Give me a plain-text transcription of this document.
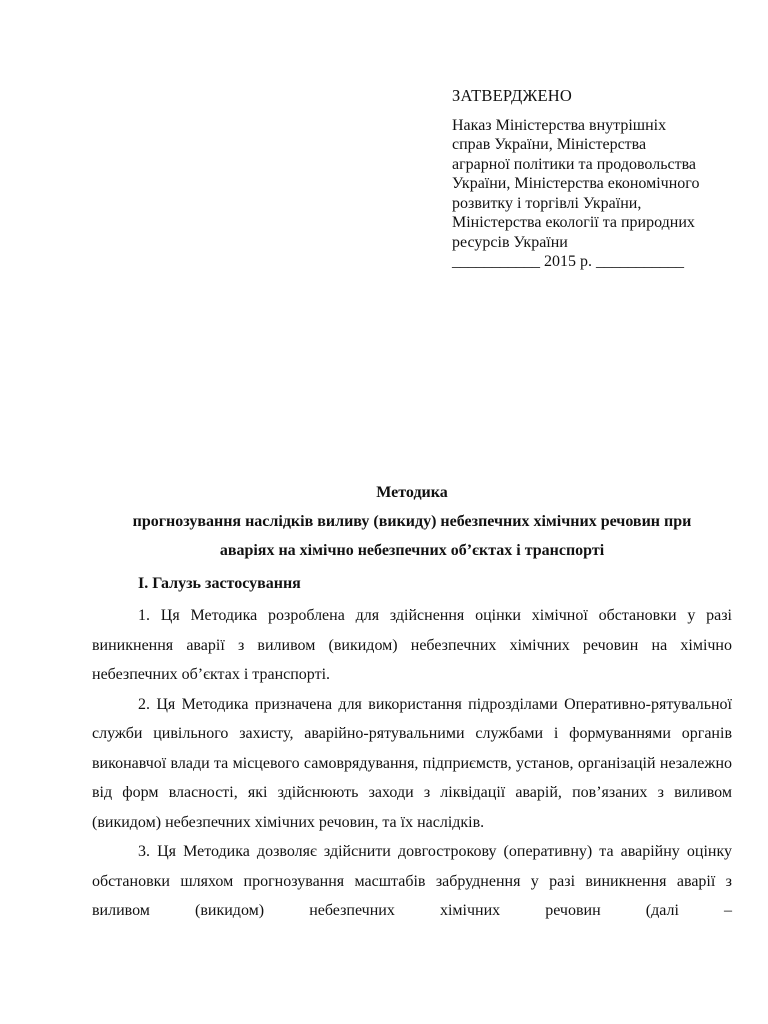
ЗАТВЕРДЖЕНО
Наказ Міністерства внутрішніх
справ України, Міністерства
аграрної політики та продовольства
України, Міністерства економічного
розвитку і торгівлі України,
Міністерства екології та природних
ресурсів України
___________ 2015 р. ___________
Методика
прогнозування наслідків виливу (викиду) небезпечних хімічних речовин при
аваріях на хімічно небезпечних об’єктах і транспорті
І. Галузь застосування

1. Ця Методика розроблена для здійснення оцінки хімічної обстановки у разі виникнення аварії з виливом (викидом) небезпечних хімічних речовин на хімічно небезпечних об’єктах і транспорті.

2. Ця Методика призначена для використання підрозділами Оперативно-рятувальної служби цивільного захисту, аварійно-рятувальними службами і формуваннями органів виконавчої влади та місцевого самоврядування, підприємств, установ, організацій незалежно від форм власності, які здійснюють заходи з ліквідації аварій, пов’язаних з виливом (викидом) небезпечних хімічних речовин, та їх наслідків.

3. Ця Методика дозволяє здійснити довгострокову (оперативну) та аварійну оцінку обстановки шляхом прогнозування масштабів забруднення у разі виникнення аварії з виливом (викидом) небезпечних хімічних речовин (далі –
